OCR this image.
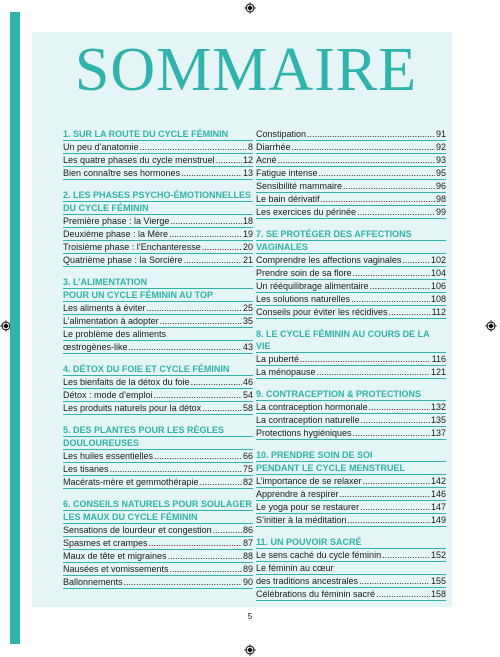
SOMMAIRE
1. SUR LA ROUTE DU CYCLE FÉMININ
Un peu d’anatomie .....	8
Les quatre phases du cycle menstruel .....	12
Bien connaître ses hormones .....	13
2. LES PHASES PSYCHO-ÉMOTIONNELLES
DU CYCLE FÉMININ
Première phase : la Vierge .....	18
Deuxième phase : la Mère .....	19
Troisième phase : l’Enchanteresse .....	20
Quatrième phase : la Sorcière .....	21
3. L’ALIMENTATION
POUR UN CYCLE FÉMININ AU TOP
Les aliments à éviter .....	25
L’alimentation à adopter .....	35
Le problème des aliments
œstrogènes-like .....	43
4. DÉTOX DU FOIE ET CYCLE FÉMININ
Les bienfaits de la détox du foie .....	46
Détox : mode d’emploi .....	54
Les produits naturels pour la détox .....	58
5. DES PLANTES POUR LES RÈGLES
DOULOUREUSES
Les huiles essentielles .....	66
Les tisanes .....	75
Macérats-mère et gemmothérapie .....	82
6. CONSEILS NATURELS POUR SOULAGER
LES MAUX DU CYCLE FÉMININ
Sensations de lourdeur et congestion .....	86
Spasmes et crampes .....	87
Maux de tête et migraines .....	88
Nausées et vomissements .....	89
Ballonnements .....	90
Constipation .....	91
Diarrhée .....	92
Acné .....	93
Fatigue intense .....	95
Sensibilité mammaire .....	96
Le bain dérivatif .....	98
Les exercices du périnée .....	99
7. SE PROTÉGER DES AFFECTIONS
VAGINALES
Comprendre les affections vaginales .....	102
Prendre soin de sa flore .....	104
Un rééquilibrage alimentaire .....	106
Les solutions naturelles .....	108
Conseils pour éviter les récidives .....	112
8. LE CYCLE FÉMININ AU COURS DE LA VIE
La puberté .....	116
La ménopause .....	121
9. CONTRACEPTION & PROTECTIONS
La contraception hormonale .....	132
La contraception naturelle .....	135
Protections hygiéniques .....	137
10. PRENDRE SOIN DE SOI
PENDANT LE CYCLE MENSTRUEL
L’importance de se relaxer .....	142
Apprendre à respirer .....	146
Le yoga pour se restaurer .....	147
S’initier à la méditation .....	149
11. UN POUVOIR SACRÉ
Le sens caché du cycle féminin .....	152
Le féminin au cœur
des traditions ancestrales .....	155
Célébrations du féminin sacré .....	158
5
